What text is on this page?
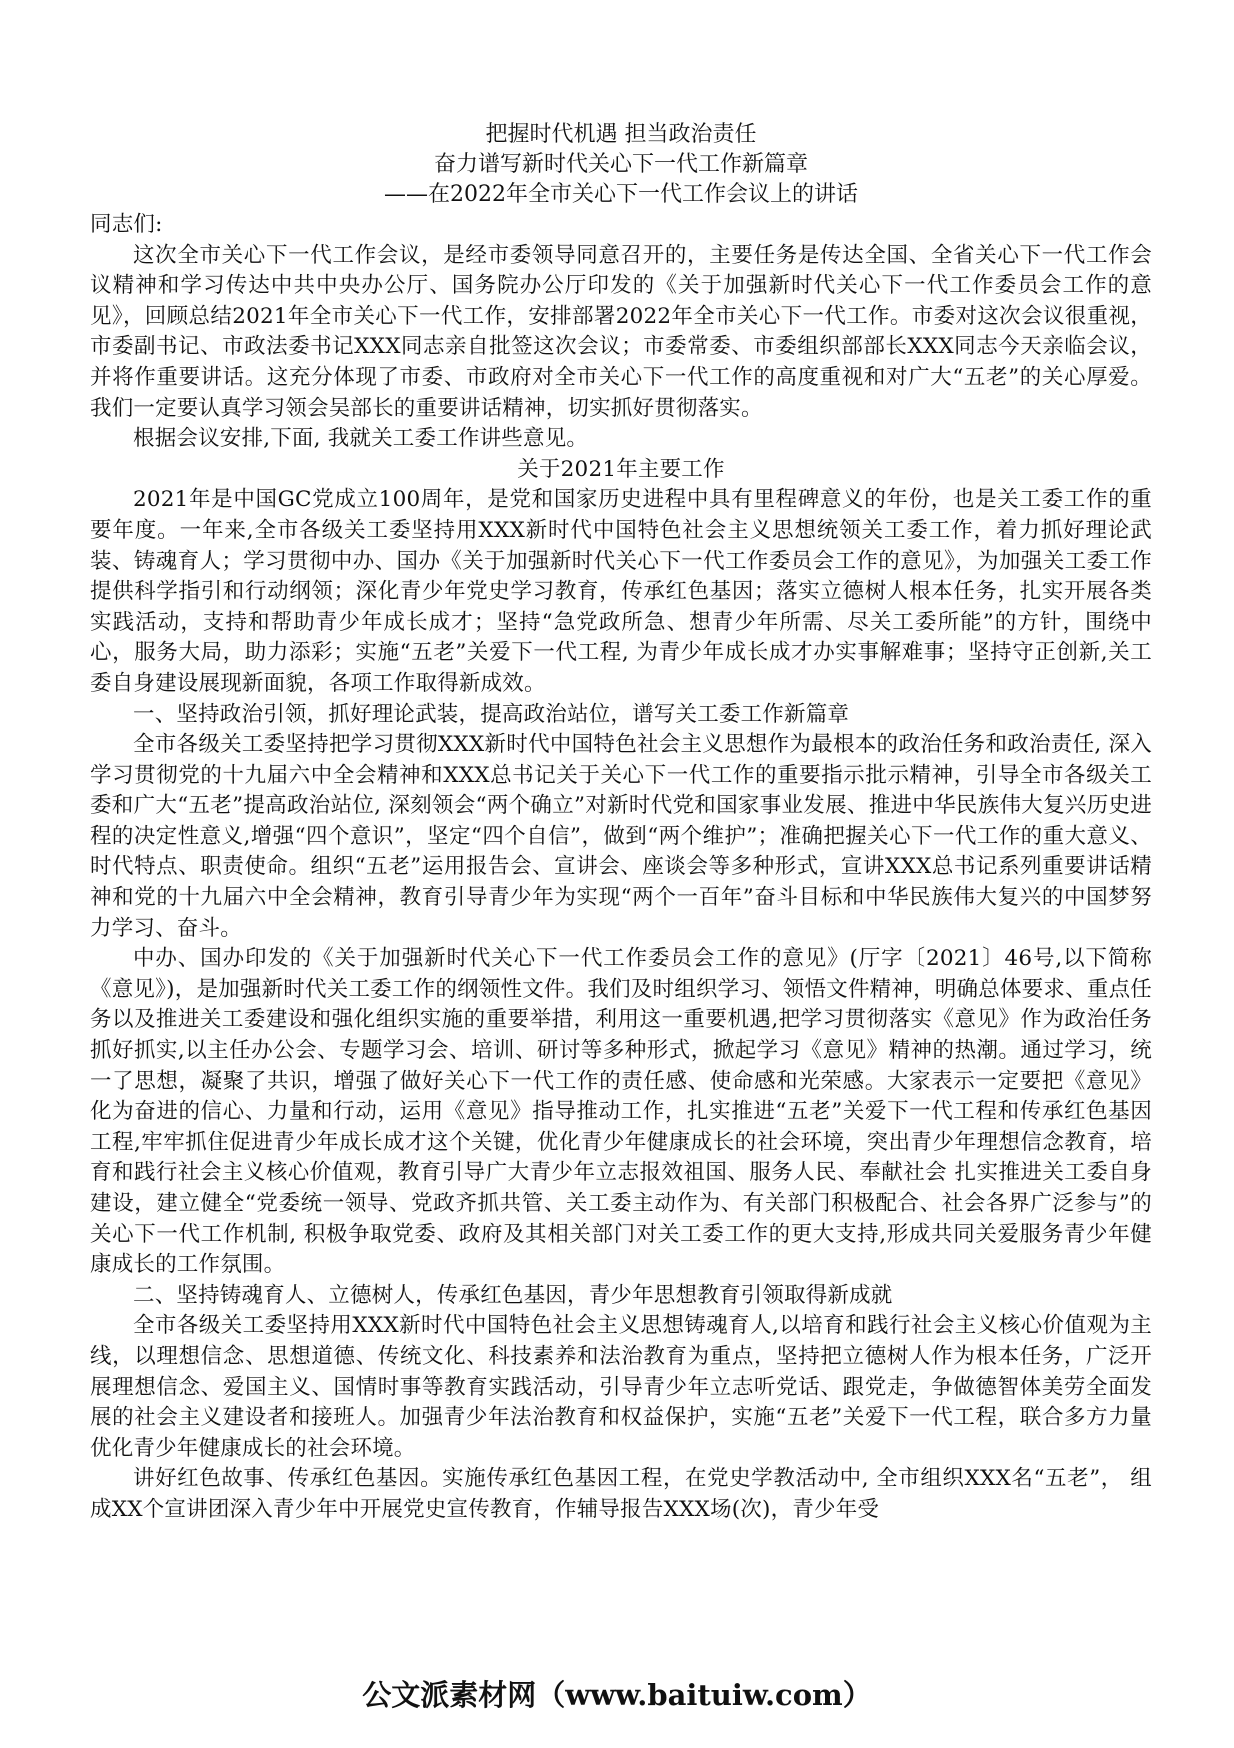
把握时代机遇 担当政治责任
奋力谱写新时代关心下一代工作新篇章
——在2022年全市关心下一代工作会议上的讲话

同志们:

这次全市关心下一代工作会议，是经市委领导同意召开的，主要任务是传达全国、全省关心下一代工作会议精神和学习传达中共中央办公厅、国务院办公厅印发的《关于加强新时代关心下一代工作委员会工作的意见》，回顾总结2021年全市关心下一代工作，安排部署2022年全市关心下一代工作。市委对这次会议很重视，市委副书记、市政法委书记XXX同志亲自批签这次会议；市委常委、市委组织部部长XXX同志今天亲临会议，并将作重要讲话。这充分体现了市委、市政府对全市关心下一代工作的高度重视和对广大“五老”的关心厚爱。我们一定要认真学习领会吴部长的重要讲话精神，切实抓好贯彻落实。

根据会议安排,下面, 我就关工委工作讲些意见。

关于2021年主要工作

2021年是中国GC党成立100周年，是党和国家历史进程中具有里程碑意义的年份，也是关工委工作的重要年度。一年来,全市各级关工委坚持用XXX新时代中国特色社会主义思想统领关工委工作，着力抓好理论武装、铸魂育人；学习贯彻中办、国办《关于加强新时代关心下一代工作委员会工作的意见》，为加强关工委工作提供科学指引和行动纲领；深化青少年党史学习教育，传承红色基因；落实立德树人根本任务，扎实开展各类实践活动，支持和帮助青少年成长成才；坚持“急党政所急、想青少年所需、尽关工委所能”的方针，围绕中心，服务大局，助力添彩；实施“五老”关爱下一代工程, 为青少年成长成才办实事解难事；坚持守正创新,关工委自身建设展现新面貌，各项工作取得新成效。

一、坚持政治引领，抓好理论武装，提高政治站位，谱写关工委工作新篇章

全市各级关工委坚持把学习贯彻XXX新时代中国特色社会主义思想作为最根本的政治任务和政治责任, 深入学习贯彻党的十九届六中全会精神和XXX总书记关于关心下一代工作的重要指示批示精神，引导全市各级关工委和广大“五老”提高政治站位, 深刻领会“两个确立”对新时代党和国家事业发展、推进中华民族伟大复兴历史进程的决定性意义,增强“四个意识”，坚定“四个自信”，做到“两个维护”；准确把握关心下一代工作的重大意义、时代特点、职责使命。组织“五老”运用报告会、宣讲会、座谈会等多种形式，宣讲XXX总书记系列重要讲话精神和党的十九届六中全会精神，教育引导青少年为实现“两个一百年”奋斗目标和中华民族伟大复兴的中国梦努力学习、奋斗。

中办、国办印发的《关于加强新时代关心下一代工作委员会工作的意见》(厅字〔2021〕46号,以下简称《意见》)，是加强新时代关工委工作的纲领性文件。我们及时组织学习、领悟文件精神，明确总体要求、重点任务以及推进关工委建设和强化组织实施的重要举措，利用这一重要机遇,把学习贯彻落实《意见》作为政治任务抓好抓实,以主任办公会、专题学习会、培训、研讨等多种形式，掀起学习《意见》精神的热潮。通过学习，统一了思想，凝聚了共识，增强了做好关心下一代工作的责任感、使命感和光荣感。大家表示一定要把《意见》化为奋进的信心、力量和行动，运用《意见》指导推动工作，扎实推进“五老”关爱下一代工程和传承红色基因工程,牢牢抓住促进青少年成长成才这个关键，优化青少年健康成长的社会环境，突出青少年理想信念教育，培育和践行社会主义核心价值观，教育引导广大青少年立志报效祖国、服务人民、奉献社会 扎实推进关工委自身建设，建立健全“党委统一领导、党政齐抓共管、关工委主动作为、有关部门积极配合、社会各界广泛参与”的关心下一代工作机制, 积极争取党委、政府及其相关部门对关工委工作的更大支持,形成共同关爱服务青少年健康成长的工作氛围。

二、坚持铸魂育人、立德树人，传承红色基因，青少年思想教育引领取得新成就

全市各级关工委坚持用XXX新时代中国特色社会主义思想铸魂育人,以培育和践行社会主义核心价值观为主线，以理想信念、思想道德、传统文化、科技素养和法治教育为重点，坚持把立德树人作为根本任务，广泛开展理想信念、爱国主义、国情时事等教育实践活动，引导青少年立志听党话、跟党走，争做德智体美劳全面发展的社会主义建设者和接班人。加强青少年法治教育和权益保护，实施“五老”关爱下一代工程，联合多方力量优化青少年健康成长的社会环境。

讲好红色故事、传承红色基因。实施传承红色基因工程，在党史学教活动中, 全市组织XXX名“五老”， 组成XX个宣讲团深入青少年中开展党史宣传教育，作辅导报告XXX场(次)，青少年受

公文派素材网（www.baituiw.com）
